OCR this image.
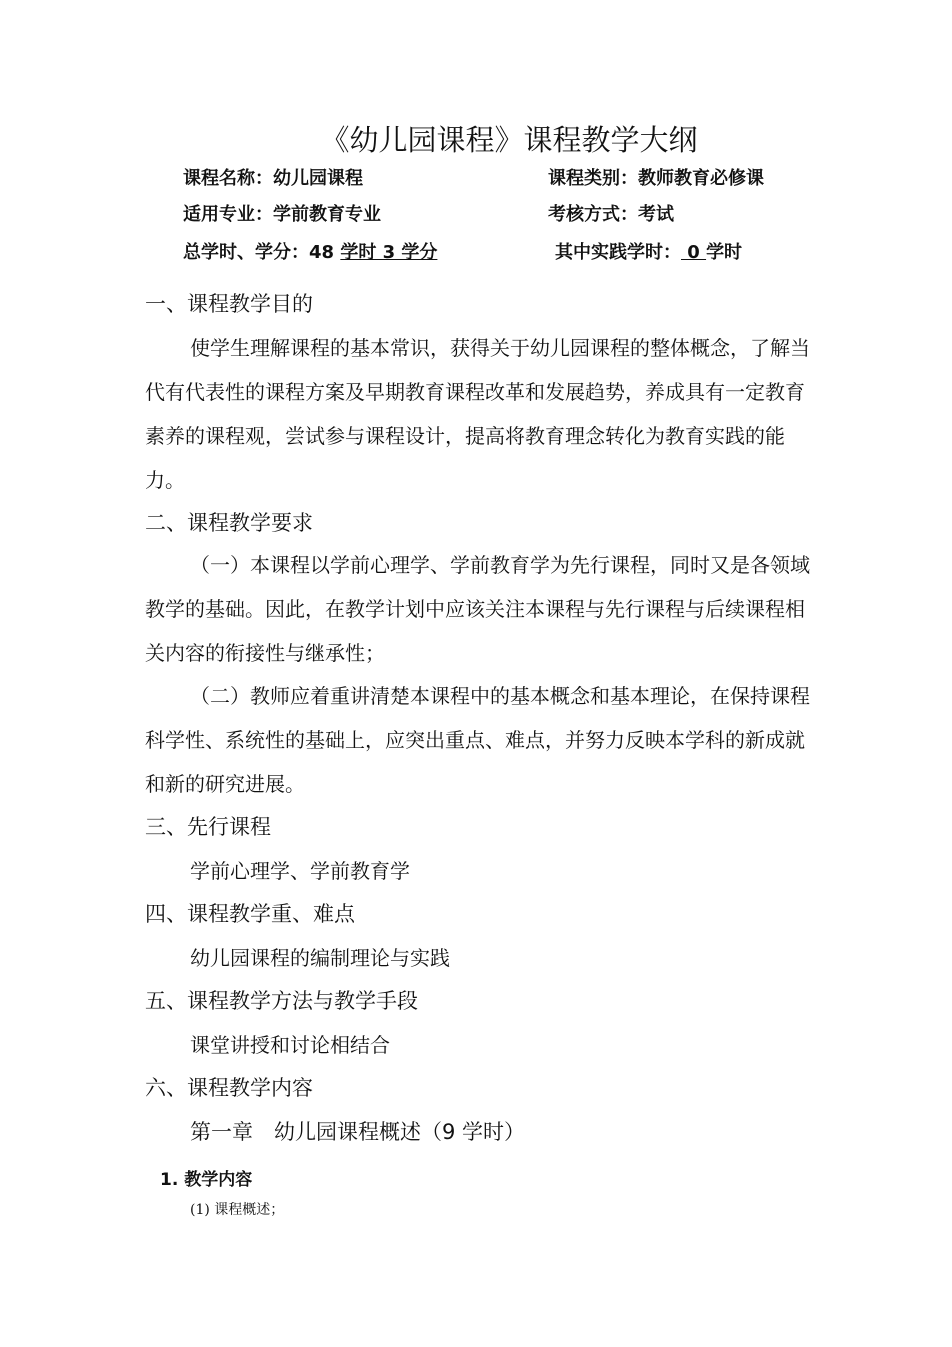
《幼儿园课程》课程教学大纲
课程名称：幼儿园课程	课程类别：教师教育必修课
适用专业：学前教育专业	考核方式：考试
总学时、学分：48 学时 3 学分	其中实践学时： 0 学时
一、课程教学目的
使学生理解课程的基本常识，获得关于幼儿园课程的整体概念，了解当代有代表性的课程方案及早期教育课程改革和发展趋势，养成具有一定教育素养的课程观，尝试参与课程设计，提高将教育理念转化为教育实践的能力。
二、课程教学要求
（一）本课程以学前心理学、学前教育学为先行课程，同时又是各领域教学的基础。因此，在教学计划中应该关注本课程与先行课程与后续课程相关内容的衔接性与继承性；
（二）教师应着重讲清楚本课程中的基本概念和基本理论，在保持课程科学性、系统性的基础上，应突出重点、难点，并努力反映本学科的新成就和新的研究进展。
三、先行课程
学前心理学、学前教育学
四、课程教学重、难点
幼儿园课程的编制理论与实践
五、课程教学方法与教学手段
课堂讲授和讨论相结合
六、课程教学内容
第一章　幼儿园课程概述（9 学时）
1. 教学内容
(1) 课程概述；
